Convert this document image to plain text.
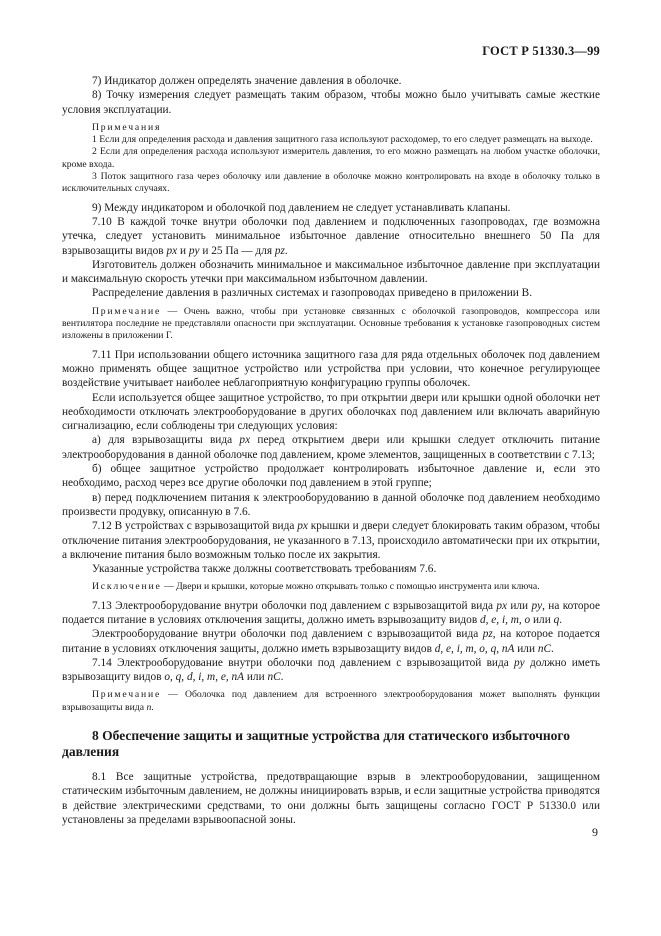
ГОСТ Р 51330.3—99

7) Индикатор должен определять значение давления в оболочке.

8) Точку измерения следует размещать таким образом, чтобы можно было учитывать самые жесткие условия эксплуатации.

Примечания

1 Если для определения расхода и давления защитного газа используют расходомер, то его следует размещать на выходе.

2 Если для определения расхода используют измеритель давления, то его можно размещать на любом участке оболочки, кроме входа.

3 Поток защитного газа через оболочку или давление в оболочке можно контролировать на входе в оболочку только в исключительных случаях.

9) Между индикатором и оболочкой под давлением не следует устанавливать клапаны.

7.10 В каждой точке внутри оболочки под давлением и подключенных газопроводах, где возможна утечка, следует установить минимальное избыточное давление относительно внешнего 50 Па для взрывозащиты видов px и py и 25 Па — для pz.

Изготовитель должен обозначить минимальное и максимальное избыточное давление при эксплуатации и максимальную скорость утечки при максимальном избыточном давлении.

Распределение давления в различных системах и газопроводах приведено в приложении В.

Примечание — Очень важно, чтобы при установке связанных с оболочкой газопроводов, компрессора или вентилятора последние не представляли опасности при эксплуатации. Основные требования к установке газопроводных систем изложены в приложении Г.

7.11 При использовании общего источника защитного газа для ряда отдельных оболочек под давлением можно применять общее защитное устройство или устройства при условии, что конечное регулирующее воздействие учитывает наиболее неблагоприятную конфигурацию группы оболочек.

Если используется общее защитное устройство, то при открытии двери или крышки одной оболочки нет необходимости отключать электрооборудование в других оболочках под давлением или включать аварийную сигнализацию, если соблюдены три следующих условия:

а) для взрывозащиты вида px перед открытием двери или крышки следует отключить питание электрооборудования в данной оболочке под давлением, кроме элементов, защищенных в соответствии с 7.13;

б) общее защитное устройство продолжает контролировать избыточное давление и, если это необходимо, расход через все другие оболочки под давлением в этой группе;

в) перед подключением питания к электрооборудованию в данной оболочке под давлением необходимо произвести продувку, описанную в 7.6.

7.12 В устройствах с взрывозащитой вида px крышки и двери следует блокировать таким образом, чтобы отключение питания электрооборудования, не указанного в 7.13, происходило автоматически при их открытии, а включение питания было возможным только после их закрытия.

Указанные устройства также должны соответствовать требованиям 7.6.

Исключение — Двери и крышки, которые можно открывать только с помощью инструмента или ключа.

7.13 Электрооборудование внутри оболочки под давлением с взрывозащитой вида px или py, на которое подается питание в условиях отключения защиты, должно иметь взрывозащиту видов d, e, i, m, o или q.

Электрооборудование внутри оболочки под давлением с взрывозащитой вида pz, на которое подается питание в условиях отключения защиты, должно иметь взрывозащиту видов d, e, i, m, o, q, nA или nC.

7.14 Электрооборудование внутри оболочки под давлением с взрывозащитой вида py должно иметь взрывозащиту видов o, q, d, i, m, e, nA или nC.

Примечание — Оболочка под давлением для встроенного электрооборудования может выполнять функции взрывозащиты вида n.

8 Обеспечение защиты и защитные устройства для статического избыточного давления

8.1 Все защитные устройства, предотвращающие взрыв в электрооборудовании, защищенном статическим избыточным давлением, не должны инициировать взрыв, и если защитные устройства приводятся в действие электрическими средствами, то они должны быть защищены согласно ГОСТ Р 51330.0 или установлены за пределами взрывоопасной зоны.

9
